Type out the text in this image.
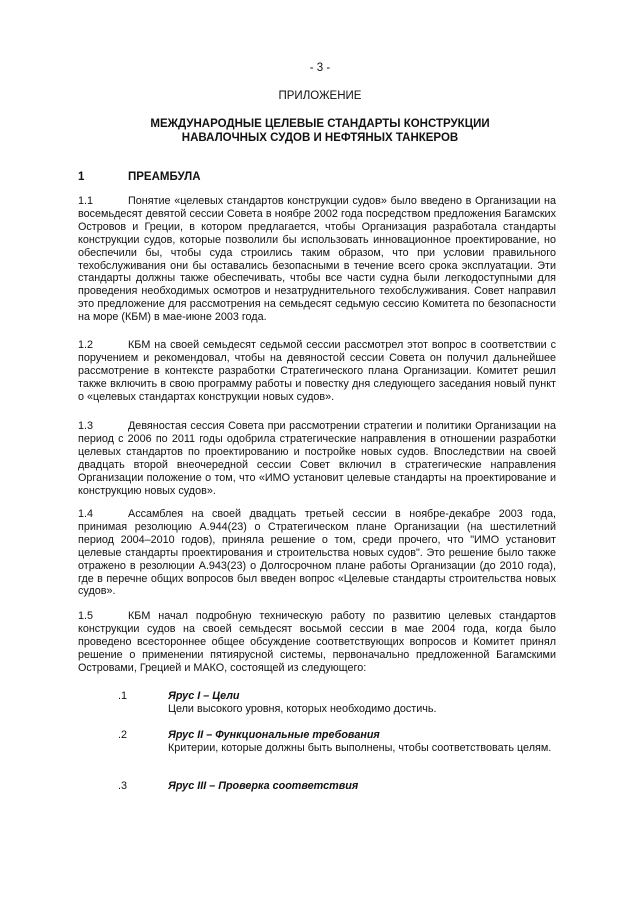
- 3 -
ПРИЛОЖЕНИЕ
МЕЖДУНАРОДНЫЕ ЦЕЛЕВЫЕ СТАНДАРТЫ КОНСТРУКЦИИ
НАВАЛОЧНЫХ СУДОВ И НЕФТЯНЫХ ТАНКЕРОВ
1	ПРЕАМБУЛА

1.1	Понятие «целевых стандартов конструкции судов» было введено в Организации на восемьдесят девятой сессии Совета в ноябре 2002 года посредством предложения Багамских Островов и Греции, в котором предлагается, чтобы Организация разработала стандарты конструкции судов, которые позволили бы использовать инновационное проектирование, но обеспечили бы, чтобы суда строились таким образом, что при условии правильного техобслуживания они бы оставались безопасными в течение всего срока эксплуатации. Эти стандарты должны также обеспечивать, чтобы все части судна были легкодоступными для проведения необходимых осмотров и незатруднительного техобслуживания. Совет направил это предложение для рассмотрения на семьдесят седьмую сессию Комитета по безопасности на море (КБМ) в мае-июне 2003 года.

1.2	КБМ на своей семьдесят седьмой сессии рассмотрел этот вопрос в соответствии с поручением и рекомендовал, чтобы на девяностой сессии Совета он получил дальнейшее рассмотрение в контексте разработки Стратегического плана Организации. Комитет решил также включить в свою программу работы и повестку дня следующего заседания новый пункт о «целевых стандартах конструкции новых судов».

1.3	Девяностая сессия Совета при рассмотрении стратегии и политики Организации на период с 2006 по 2011 годы одобрила стратегические направления в отношении разработки целевых стандартов по проектированию и постройке новых судов. Впоследствии на своей двадцать второй внеочередной сессии Совет включил в стратегические направления Организации положение о том, что «ИМО установит целевые стандарты на проектирование и конструкцию новых судов».

1.4	Ассамблея на своей двадцать третьей сессии в ноябре-декабре 2003 года, принимая резолюцию A.944(23) о Стратегическом плане Организации (на шестилетний период 2004–2010 годов), приняла решение о том, среди прочего, что "ИМО установит целевые стандарты проектирования и строительства новых судов". Это решение было также отражено в резолюции A.943(23) о Долгосрочном плане работы Организации (до 2010 года), где в перечне общих вопросов был введен вопрос «Целевые стандарты строительства новых судов».

1.5	КБМ начал подробную техническую работу по развитию целевых стандартов конструкции судов на своей семьдесят восьмой сессии в мае 2004 года, когда было проведено всестороннее общее обсуждение соответствующих вопросов и Комитет принял решение о применении пятиярусной системы, первоначально предложенной Багамскими Островами, Грецией и МАКО, состоящей из следующего:

.1	Ярус I – Цели
Цели высокого уровня, которых необходимо достичь.
.2	Ярус II – Функциональные требования
Критерии, которые должны быть выполнены, чтобы соответствовать целям.
.3	Ярус III – Проверка соответствия
